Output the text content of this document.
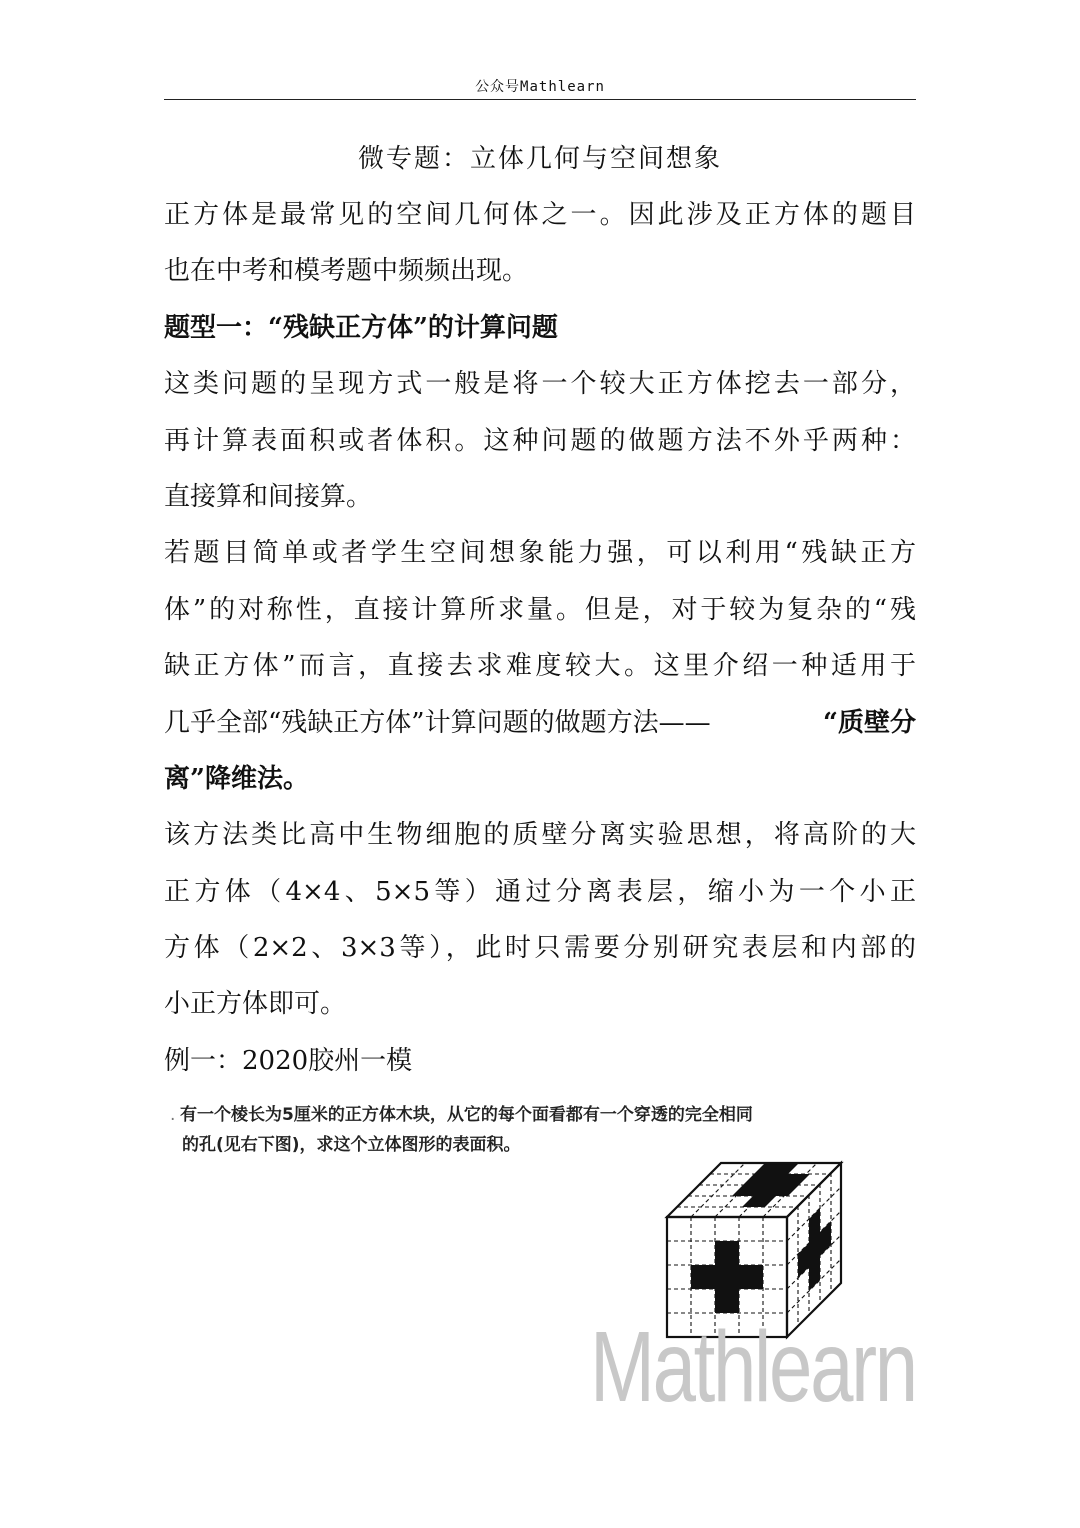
公众号Mathlearn
微专题：立体几何与空间想象
正方体是最常见的空间几何体之一。因此涉及正方体的题目
也在中考和模考题中频频出现。
题型一：“残缺正方体”的计算问题
这类问题的呈现方式一般是将一个较大正方体挖去一部分，
再计算表面积或者体积。这种问题的做题方法不外乎两种：
直接算和间接算。
若题目简单或者学生空间想象能力强，可以利用“残缺正方
体”的对称性，直接计算所求量。但是，对于较为复杂的“残
缺正方体”而言，直接去求难度较大。这里介绍一种适用于
几乎全部“残缺正方体”计算问题的做题方法——	“质壁分
离”降维法。
该方法类比高中生物细胞的质壁分离实验思想，将高阶的大
正方体（4×4、5×5等）通过分离表层，缩小为一个小正
方体（2×2、3×3等），此时只需要分别研究表层和内部的
小正方体即可。
例一：2020胶州一模
. 有一个棱长为5厘米的正方体木块，从它的每个面看都有一个穿透的完全相同
的孔(见右下图)，求这个立体图形的表面积。
Mathlearn
